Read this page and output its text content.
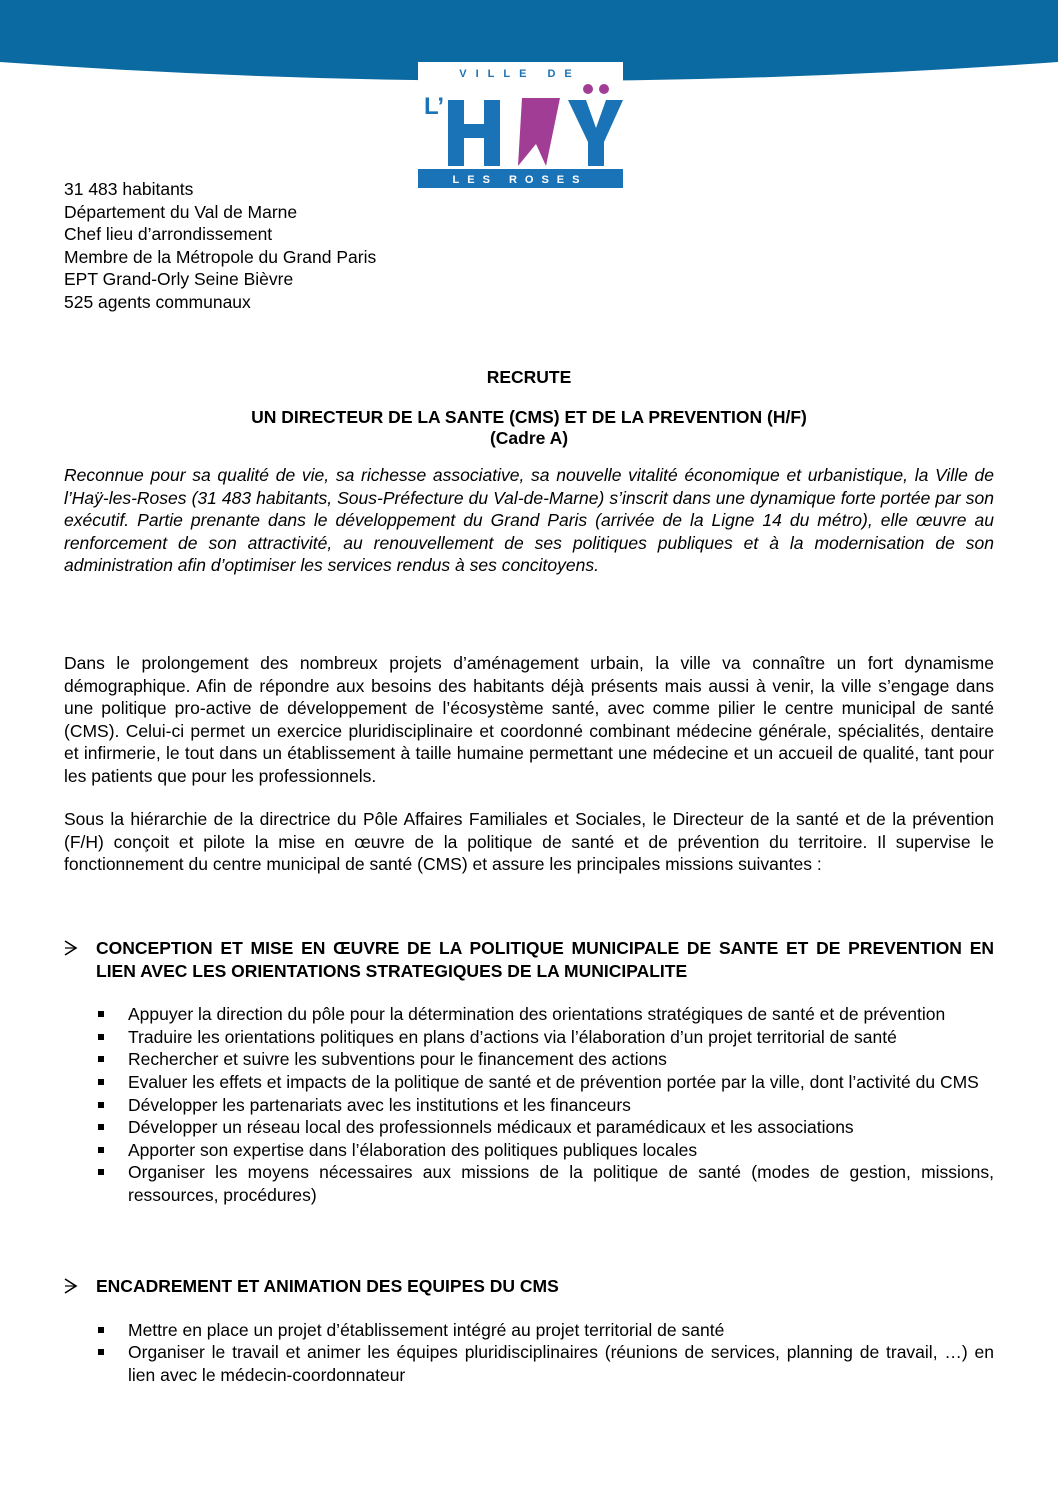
VILLE DE
L’
LES ROSES
31 483 habitants
Département du Val de Marne
Chef lieu d’arrondissement
Membre de la Métropole du Grand Paris
EPT Grand-Orly Seine Bièvre
525 agents communaux
RECRUTE
UN DIRECTEUR DE LA SANTE (CMS) ET DE LA PREVENTION (H/F)
(Cadre A)
Reconnue pour sa qualité de vie, sa richesse associative, sa nouvelle vitalité économique et urbanistique, la Ville de l’Haÿ-les-Roses (31 483 habitants, Sous-Préfecture du Val-de-Marne) s’inscrit dans une dynamique forte portée par son exécutif. Partie prenante dans le développement du Grand Paris (arrivée de la Ligne 14 du métro), elle œuvre au renforcement de son attractivité, au renouvellement de ses politiques publiques et à la modernisation de son administration afin d’optimiser les services rendus à ses concitoyens.
Dans le prolongement des nombreux projets d’aménagement urbain, la ville va connaître un fort dynamisme démographique. Afin de répondre aux besoins des habitants déjà présents mais aussi à venir, la ville s’engage dans une politique pro-active de développement de l’écosystème santé, avec comme pilier le centre municipal de santé (CMS). Celui-ci permet un exercice pluridisciplinaire et coordonné combinant médecine générale, spécialités, dentaire et infirmerie, le tout dans un établissement à taille humaine permettant une médecine et un accueil de qualité, tant pour les patients que pour les professionnels.
Sous la hiérarchie de la directrice du Pôle Affaires Familiales et Sociales, le Directeur de la santé et de la prévention (F/H) conçoit et pilote la mise en œuvre de la politique de santé et de prévention du territoire. Il supervise le fonctionnement du centre municipal de santé (CMS) et assure les principales missions suivantes :
CONCEPTION ET MISE EN ŒUVRE DE LA POLITIQUE MUNICIPALE DE SANTE ET DE PREVENTION EN LIEN AVEC LES ORIENTATIONS STRATEGIQUES DE LA MUNICIPALITE
Appuyer la direction du pôle pour la détermination des orientations stratégiques de santé et de prévention
Traduire les orientations politiques en plans d’actions via l’élaboration d’un projet territorial de santé
Rechercher et suivre les subventions pour le financement des actions
Evaluer les effets et impacts de la politique de santé et de prévention portée par la ville, dont l’activité du CMS
Développer les partenariats avec les institutions et les financeurs
Développer un réseau local des professionnels médicaux et paramédicaux et les associations
Apporter son expertise dans l’élaboration des politiques publiques locales
Organiser les moyens nécessaires aux missions de la politique de santé (modes de gestion, missions, ressources, procédures)
ENCADREMENT ET ANIMATION DES EQUIPES DU CMS
Mettre en place un projet d’établissement intégré au projet territorial de santé
Organiser le travail et animer les équipes pluridisciplinaires (réunions de services, planning de travail, …) en lien avec le médecin-coordonnateur
